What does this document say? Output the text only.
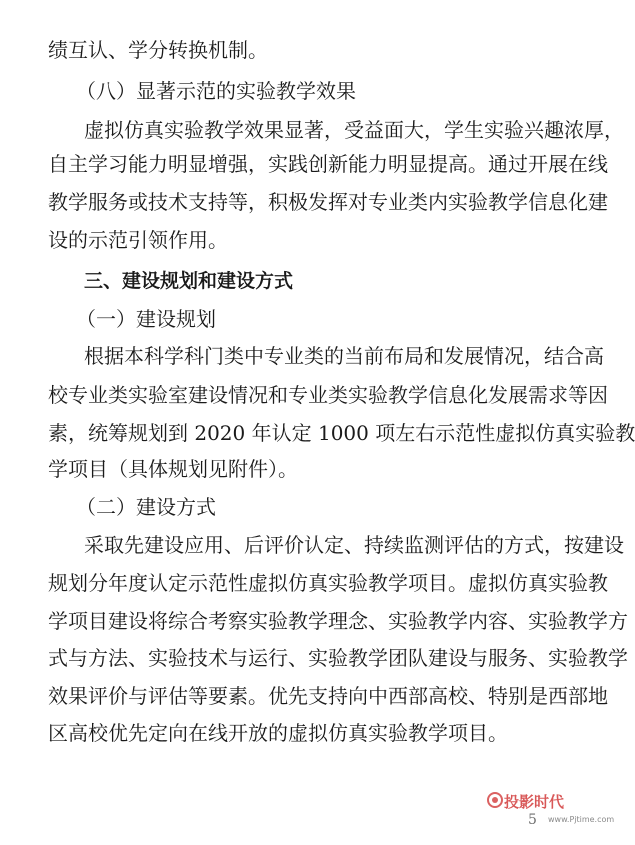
绩互认、学分转换机制。
（八）显著示范的实验教学效果
虚拟仿真实验教学效果显著，受益面大，学生实验兴趣浓厚，
自主学习能力明显增强，实践创新能力明显提高。通过开展在线
教学服务或技术支持等，积极发挥对专业类内实验教学信息化建
设的示范引领作用。
三、建设规划和建设方式
（一）建设规划
根据本科学科门类中专业类的当前布局和发展情况，结合高
校专业类实验室建设情况和专业类实验教学信息化发展需求等因
素，统筹规划到 2020 年认定 1000 项左右示范性虚拟仿真实验教
学项目（具体规划见附件）。
（二）建设方式
采取先建设应用、后评价认定、持续监测评估的方式，按建设
规划分年度认定示范性虚拟仿真实验教学项目。虚拟仿真实验教
学项目建设将综合考察实验教学理念、实验教学内容、实验教学方
式与方法、实验技术与运行、实验教学团队建设与服务、实验教学
效果评价与评估等要素。优先支持向中西部高校、特别是西部地
区高校优先定向在线开放的虚拟仿真实验教学项目。
投影时代
www.Pjtime.com
5
